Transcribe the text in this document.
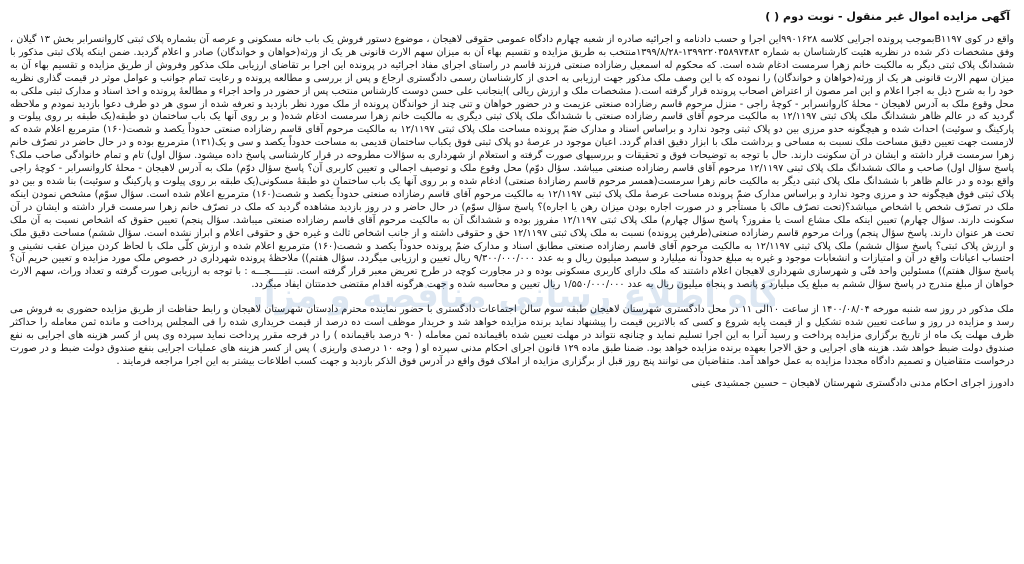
آگهی مزایده اموال غیر منقول - نوبت دوم ( )

واقع در کوی B۱۱۹۷بموجب پرونده اجرایی کلاسه ۹۹۰۱۶۲۸این اجرا و حسب دادنامه و اجرائیه صادره از شعبه چهارم دادگاه عمومی حقوقی لاهیجان ، موضوع دستور فروش یک باب خانه مسکونی و عرصه آن بشماره پلاک ثبتی کاروانسرابر بخش ۱۳ گیلان ، وفق مشخصات ذکر شده در نظریه هئیت کارشناسان به شماره ۱۳۹۹۲۲۰۳۵۸۹۷۴۸۳-۱۳۹۹/۸/۲۸منتخب به طریق مزایده و تقسیم بهاء آن به میزان سهم الارث قانونی هر یک از ورثه(خواهان و خواندگان) صادر و اعلام گردید. ضمن اینکه پلاک ثبتی مذکور با ششدانگ پلاک ثبتی دیگر به مالکیت خانم زهرا سرمست ادغام شده است. که محکوم له اسمعیل رضازاده صنعتی فرزند قاسم در راستای اجرای مفاد اجرائیه در پرونده این اجرا بر تقاضای ارزیابی ملک مذکور وفروش از طریق مزایده و تقسیم بهاء آن به میزان سهم الارث قانونی هر یک از ورثه(خواهان و خواندگان) را نموده که با این وصف ملک مذکور جهت ارزیابی به احدی از کارشناسان رسمی دادگستری ارجاع و پس از بررسی و مطالعه پرونده و رعایت تمام جوانب و عوامل موثر در قیمت گذاری نظریه خود را به شرح ذیل به اجرا اعلام و این امر مصون از اعتراض اصحاب پرونده قرار گرفته است.( مشخصات ملک و ارزش ریالی )اینجانب علی حسن دوست کارشناس منتخب پس از حضور در واحد اجراء و مطالعۀ پرونده و اخذ اسناد و مدارک ثبتی ملکی به محل وقوع ملک به آدرس لاهیجان - محلۀ کاروانسرابر - کوچۀ راجی - منزل مرحوم قاسم رضازاده صنعتی عزیمت و در حضور خواهان و تنی چند از خواندگان پرونده از ملک مورد نظر بازدید و تعرفه شده از سوی هر دو طرف دعوا بازدید نمودم و ملاحظه گردید که در عالم ظاهر ششدانگ ملک پلاک ثبتی ۱۲/۱۱۹۷ به مالکیت مرحوم آقای قاسم رضازاده صنعتی با ششدانگ ملک پلاک ثبتی دیگری به مالکیت خانم زهرا سرمست ادغام شده( و بر روی آنها یک باب ساختمان دو طبقه(یک طبقه بر روی پیلوت و پارکینگ و سوئیت) احداث شده و هیچگونه حدو مرزی بین دو پلاک ثبتی وجود ندارد و براساس اسناد و مدارک ضمّ پرونده مساحت ملک پلاک ثبتی ۱۲/۱۱۹۷ به مالکیت مرحوم آقای قاسم رضازاده صنعتی حدوداً یکصد و شصت(۱۶۰) مترمربع اعلام شده که لازمست جهت تعیین دقیق مساحت ملک نسبت به مساحی و برداشت ملک با ابزار دقیق اقدام گردد. اعیان موجود در عرصۀ دو پلاک ثبتی فوق یکباب ساختمان قدیمی به مساحت حدوداً یکصد و سی و یک(۱۳۱) مترمربع بوده و در حال حاضر در تصرّف خانم زهرا سرمست قرار داشته و ایشان در آن سکونت دارند. حال با توجه به توضیحات فوق و تحقیقات و بررسیهای صورت گرفته و استعلام از شهرداری به سؤالات مطروحه در قرار کارشناسی پاسخ داده میشود. سؤال اول) تام و تمام خانوادگی صاحب ملک؟ پاسخ سؤال اول) صاحب و مالک ششدانگ ملک پلاک ثبتی ۱۲/۱۱۹۷ مرحوم آقای قاسم رضازاده صنعتی میباشد. سؤال دوّم) محل وقوع ملک و توصیف اجمالی و تعیین کاربری آن؟ پاسخ سؤال دوّم) ملک به آدرس لاهیجان - محلۀ کاروانسرابر - کوچۀ راجی واقع بوده و در عالم ظاهر با ششدانگ ملک پلاک ثبتی دیگر به مالکیت خانم زهرا سرمست(همسر مرحوم قاسم رضازادۀ صنعتی) ادغام شده و بر روی آنها یک باب ساختمان دو طبقۀ مسکونی(یک طبقه بر روی پیلوت و پارکینگ و سوئیت) بنا شده و بین دو پلاک ثبتی فوق هیچگونه حد و مرزی وجود ندارد و براساس مدارک ضمّ پرونده مساحت عرصۀ ملک پلاک ثبتی ۱۲/۱۱۹۷ به مالکیت مرحوم آقای قاسم رضازاده صنعتی حدوداً یکصد و شصت(۱۶۰) مترمربع اعلام شده است. سؤال سوّم) مشخص نمودن اینکه ملک در تصرّف شخص یا اشخاص میباشد؟(تحت تصرّف مالک یا مستأجر و در صورت اجاره بودن میزان رهن یا اجاره)؟ پاسخ سؤال سوّم) در حال حاضر و در روز بازدید مشاهده گردید که ملک در تصرّف خانم زهرا سرمست قرار داشته و ایشان در آن سکونت دارند. سؤال چهارم) تعیین اینکه ملک مشاع است یا مفروز؟ پاسخ سؤال چهارم) ملک پلاک ثبتی ۱۲/۱۱۹۷ مفروز بوده و ششدانگ آن به مالکیت مرحوم آقای قاسم رضازاده صنعتی میباشد. سؤال پنجم) تعیین حقوق که اشخاص نسبت به آن ملک تحت هر عنوان دارند. پاسخ سؤال پنجم) وراث مرحوم قاسم رضازاده صنعتی(طرفین پرونده) نسبت به ملک پلاک ثبتی ۱۲/۱۱۹۷ حق و حقوقی داشته و از جانب اشخاص ثالث و غیره حق و حقوقی اعلام و ابراز نشده است. سؤال ششم) مساحت دقیق ملک و ارزش پلاک ثبتی؟ پاسخ سؤال ششم) ملک پلاک ثبتی ۱۲/۱۱۹۷ به مالکیت مرحوم آقای قاسم رضازاده صنعتی مطابق اسناد و مدارک ضمّ پرونده حدوداً یکصد و شصت(۱۶۰) مترمربع اعلام شده و ارزش کلّی ملک با لحاظ کردن میزان عقب نشینی و احتساب اعیانات واقع در آن و امتیازات و انشعابات موجود و غیره به مبلغ حدوداً نه میلیارد و سیصد میلیون ریال و به عدد ۹/۳۰۰/۰۰۰/۰۰۰ ریال تعیین و ارزیابی میگردد. سؤال هفتم)) ملاحظۀ پرونده شهرداری در خصوص ملک مورد مزایده و تعیین حریم آن؟ پاسخ سؤال هفتم)) مسئولین واحد فنّی و شهرسازی شهرداری لاهیجان اعلام داشتند که ملک دارای کاربری مسکونی بوده و در مجاورت کوچه در طرح تعریض معبر قرار گرفته است. نتیـــــجـــه : با توجه به ارزیابی صورت گرفته و تعداد وراث، سهم الارث خواهان از مبلغ مندرج در پاسخ سؤال ششم به مبلغ یک میلیارد و پانصد و پنجاه میلیون ریال به عدد ۱/۵۵۰/۰۰۰/۰۰۰ ریال تعیین و محاسبه شده و جهت هرگونه اقدام مقتضی خدمتتان ایفاد میگردد.

ملک مذکور در روز سه شنبه مورخه ۱۴۰۰/۰۸/۰۴ از ساعت ۱۰الی ۱۱ در محل دادگستری شهرستان لاهیجان طبقه سوم سالن اجتماعات دادگستری با حضور نماینده محترم دادستان شهرستان لاهیجان و رابط حفاظت از طریق مزایده حضوری به فروش می رسد و مزایده در روز و ساعت تعیین شده تشکیل و از قیمت پایه شروع و کسی که بالاترین قیمت را پیشنهاد نماید برنده مزایده خواهد شد و خریدار موظف است ده درصد از قیمت خریداری شده را فی المجلس پرداخت و مانده ثمن معامله را حداکثر ظرف مهلت یک ماه از تاریخ برگزاری مزایده پرداخت و رسید آنرا به این اجرا تسلیم نماید و چنانچه نتواند در مهلت تعیین شده باقیمانده ثمن معامله ( ۹۰ درصد باقیمانده ) را در فرجه مقرر پرداخت نماید سپرده وی پس از کسر هزینه های اجرایی به نفع صندوق دولت ضبط خواهد شد. هزینه های اجرایی و حق الاجرا بعهده برنده مزایده خواهد بود. ضمنا طبق ماده ۱۲۹ قانون اجرای احکام مدنی سپرده او ( وجه ۱۰ درصدی واریزی ) پس از کسر هزینه های عملیات اجرایی بنفع صندوق دولت ضبط و در صورت درخواست متقاضیان و تصمیم دادگاه مجددا مزایده به عمل خواهد آمد. متقاضیان می توانند پنج روز قبل از برگزاری مزایده از املاک فوق واقع در آدرس فوق الذکر بازدید و جهت کسب اطلاعات بیشتر به این اجرا مراجعه فرمایند .

دادورز اجرای احکام مدنی دادگستری شهرستان لاهیجان – حسین جمشیدی عینی
اه اطلاع رسانی مناقصه و مزا
